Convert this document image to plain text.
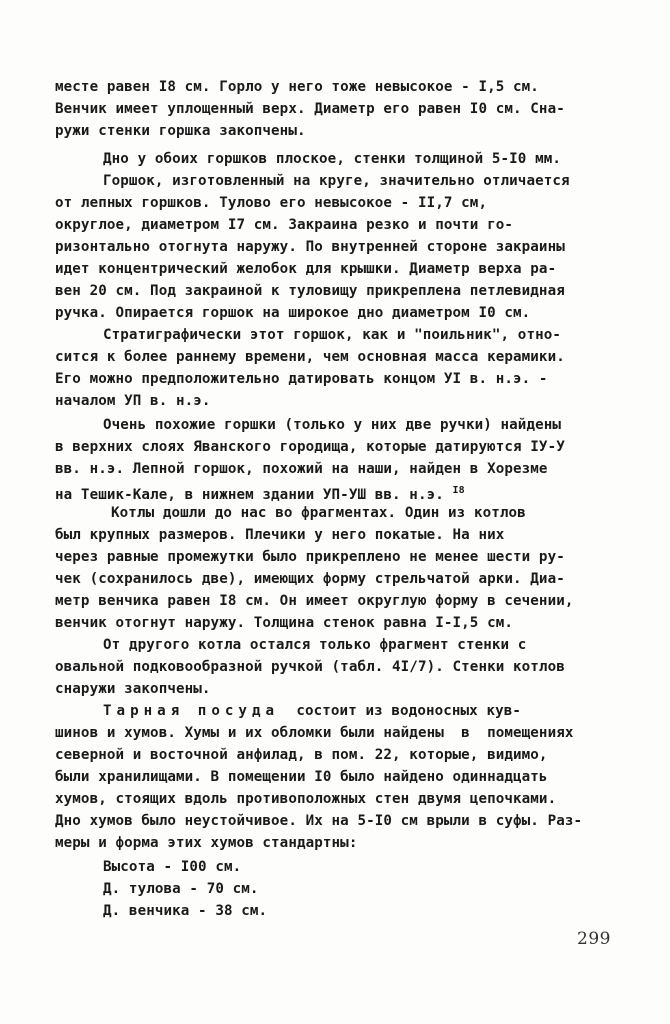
месте равен I8 см. Горло у него тоже невысокое - I,5 см.
Венчик имеет уплощенный верх. Диаметр его равен I0 см. Сна-
ружи стенки горшка закопчены.
Дно у обоих горшков плоское, стенки толщиной 5-I0 мм.
Горшок, изготовленный на круге, значительно отличается
от лепных горшков. Тулово его невысокое - II,7 см,
округлое, диаметром I7 см. Закраина резко и почти го-
ризонтально отогнута наружу. По внутренней стороне закраины
идет концентрический желобок для крышки. Диаметр верха ра-
вен 20 см. Под закраиной к туловищу прикреплена петлевидная
ручка. Опирается горшок на широкое дно диаметром I0 см.
Стратиграфически этот горшок, как и "поильник", отно-
сится к более раннему времени, чем основная масса керамики.
Его можно предположительно датировать концом УI в. н.э. -
началом УП в. н.э.
Очень похожие горшки (только у них две ручки) найдены
в верхних слоях Яванского городища, которые датируются IУ-У
вв. н.э. Лепной горшок, похожий на наши, найден в Хорезме
на Тешик-Кале, в нижнем здании УП-УШ вв. н.э. $^{I8}$
Котлы дошли до нас во фрагментах. Один из котлов
был крупных размеров. Плечики у него покатые. На них
через равные промежутки было прикреплено не менее шести ру-
чек (сохранилось две), имеющих форму стрельчатой арки. Диа-
метр венчика равен I8 см. Он имеет округлую форму в сечении,
венчик отогнут наружу. Толщина стенок равна I-I,5 см.
От другого котла остался только фрагмент стенки с
овальной подковообразной ручкой (табл. 4I/7). Стенки котлов
снаружи закопчены.
Тарная посуда состоит из водоносных кув-
шинов и хумов. Хумы и их обломки были найдены  в  помещениях
северной и восточной анфилад, в пом. 22, которые, видимо,
были хранилищами. В помещении I0 было найдено одиннадцать
хумов, стоящих вдоль противоположных стен двумя цепочками.
Дно хумов было неустойчивое. Их на 5-I0 см врыли в суфы. Раз-
меры и форма этих хумов стандартны:
Высота - I00 см.
Д. тулова - 70 см.
Д. венчика - 38 см.
299
